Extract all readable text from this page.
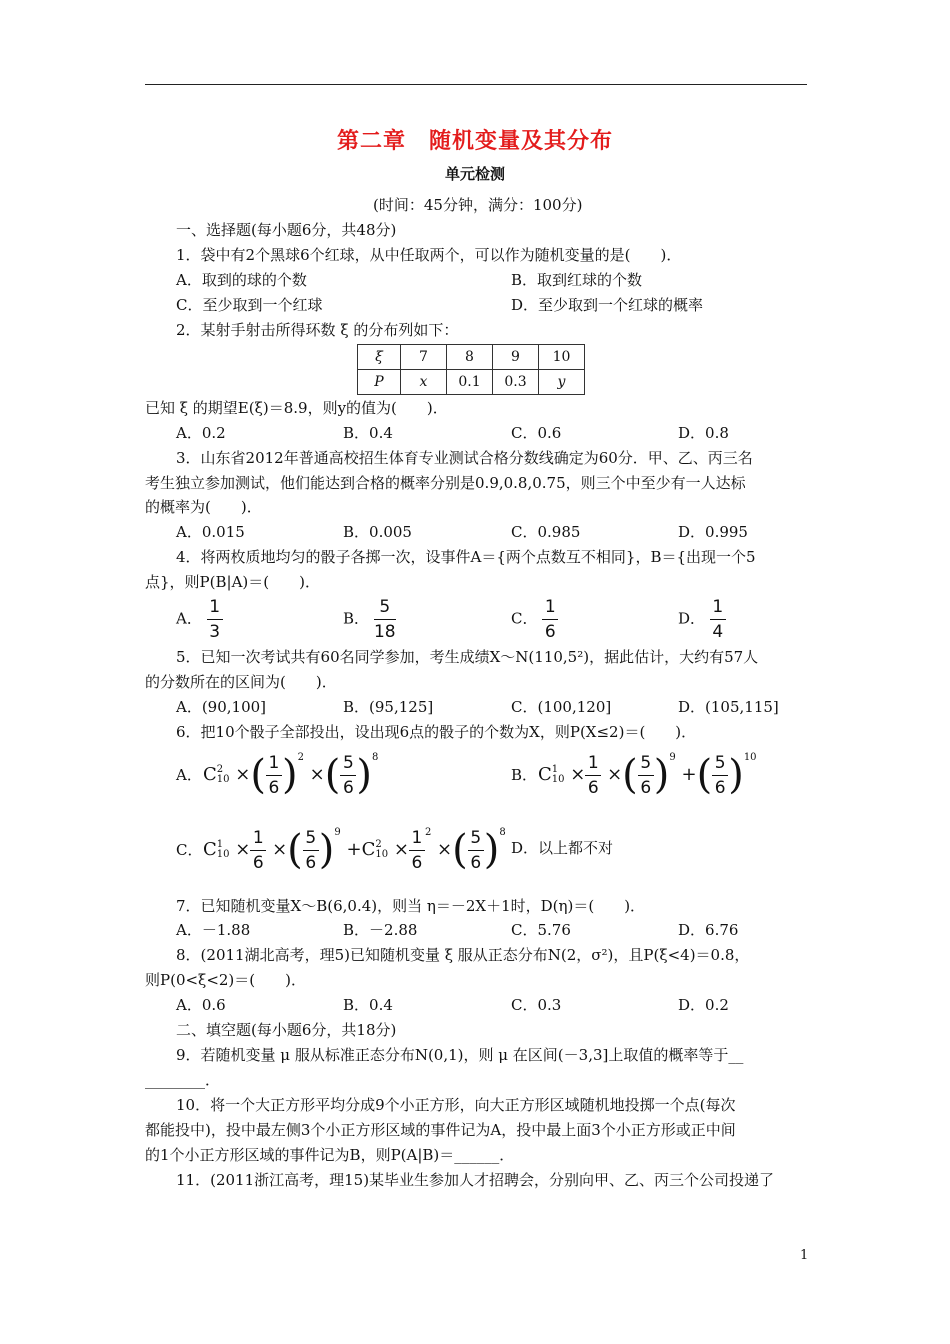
第二章　随机变量及其分布
单元检测
(时间：45分钟，满分：100分)
一、选择题(每小题6分，共48分)
1．袋中有2个黑球6个红球，从中任取两个，可以作为随机变量的是(　　)．
A．取到的球的个数	B．取到红球的个数
C．至少取到一个红球	D．至少取到一个红球的概率
2．某射手射击所得环数 ξ 的分布列如下：
ξ	7	8	9	10
P	x	0.1	0.3	y
已知 ξ 的期望E(ξ)＝8.9，则y的值为(　　)．
A．0.2	B．0.4	C．0.6	D．0.8
3．山东省2012年普通高校招生体育专业测试合格分数线确定为60分．甲、乙、丙三名
考生独立参加测试，他们能达到合格的概率分别是0.9,0.8,0.75，则三个中至少有一人达标
的概率为(　　)．
A．0.015	B．0.005	C．0.985	D．0.995
4．将两枚质地均匀的骰子各掷一次，设事件A＝{两个点数互不相同}，B＝{出现一个5
点}，则P(B|A)＝(　　)．
A． $\frac{1}{3}$	B． $\frac{5}{18}$	C． $\frac{1}{6}$	D． $\frac{1}{4}$
5．已知一次考试共有60名同学参加，考生成绩X～N(110,5²)，据此估计，大约有57人
的分数所在的区间为(　　)．
A．(90,100]	B．(95,125]	C．(100,120]	D．(105,115]
6．把10个骰子全部投出，设出现6点的骰子的个数为X，则P(X≤2)＝(　　)．
A． C 2
10 ×( $\frac{1}{6} )^2$ ×( $\frac{5}{6} )^8$
B． C 1
$10 \times \frac{1}{6}$ ×( $\frac{5}{6} )^9$ +( $\frac{5}{6} )^{10}$
C． C 1
$10 \times \frac{1}{6}$ ×( $\frac{5}{6} )^9 +C$ 2
$10 \times \frac{1}{6} ^2$ ×( $\frac{5}{6} )^8$
D．以上都不对
7．已知随机变量X～B(6,0.4)，则当 η＝－2X＋1时，D(η)＝(　　)．
A．－1.88	B．－2.88	C．5.76	D．6.76
8．(2011湖北高考，理5)已知随机变量 ξ 服从正态分布N(2，σ²)，且P(ξ<4)＝0.8，
则P(0<ξ<2)＝(　　)．
A．0.6	B．0.4	C．0.3	D．0.2
二、填空题(每小题6分，共18分)
9．若随机变量 μ 服从标准正态分布N(0,1)，则 μ 在区间(－3,3]上取值的概率等于__
________．
10．将一个大正方形平均分成9个小正方形，向大正方形区域随机地投掷一个点(每次
都能投中)，投中最左侧3个小正方形区域的事件记为A，投中最上面3个小正方形或正中间
的1个小正方形区域的事件记为B，则P(A|B)＝______．
11．(2011浙江高考，理15)某毕业生参加人才招聘会，分别向甲、乙、丙三个公司投递了
1
